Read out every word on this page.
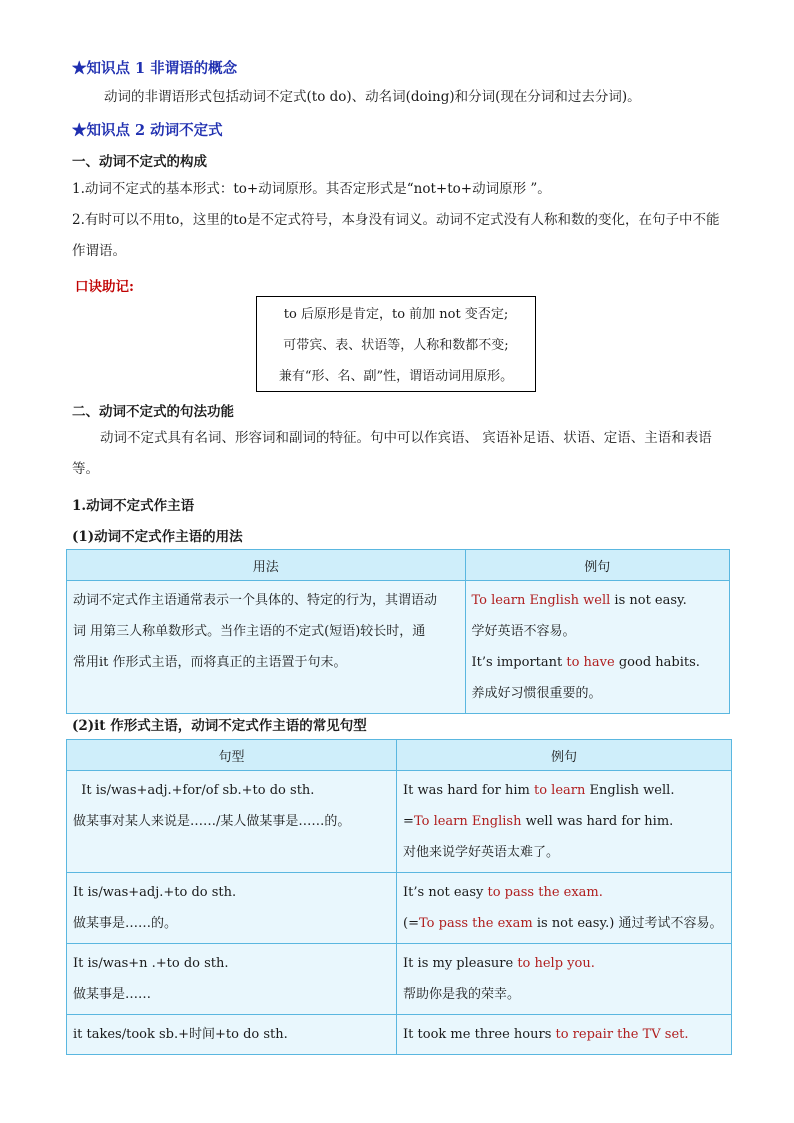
★知识点 1 非谓语的概念
动词的非谓语形式包括动词不定式(to do)、动名词(doing)和分词(现在分词和过去分词)。
★知识点 2 动词不定式
一、动词不定式的构成
1.动词不定式的基本形式：to+动词原形。其否定形式是“not+to+动词原形 ”。
2.有时可以不用to，这里的to是不定式符号，本身没有词义。动词不定式没有人称和数的变化，在句子中不能作谓语。
口诀助记:
to 后原形是肯定，to 前加 not 变否定;
可带宾、表、状语等，人称和数都不变;
兼有“形、名、副”性，谓语动词用原形。
二、动词不定式的句法功能
动词不定式具有名词、形容词和副词的特征。句中可以作宾语、 宾语补足语、状语、定语、主语和表语等。
1.动词不定式作主语
(1)动词不定式作主语的用法
用法	例句

动词不定式作主语通常表示一个具体的、特定的行为，其谓语动
词 用第三人称单数形式。当作主语的不定式(短语)较长时，通
常用it 作形式主语，而将真正的主语置于句末。	To learn English well is not easy.
学好英语不容易。
It’s important to have good habits.
养成好习惯很重要的。
(2)it 作形式主语，动词不定式作主语的常见句型
句型	例句

It is/was+adj.+for/of sb.+to do sth.
做某事对某人来说是……/某人做某事是……的。	It was hard for him to learn English well.
=To learn English well was hard for him.
对他来说学好英语太难了。

It is/was+adj.+to do sth.
做某事是……的。	It’s not easy to pass the exam.
(=To pass the exam is not easy.) 通过考试不容易。

It is/was+n .+to do sth.
做某事是……	It is my pleasure to help you.
帮助你是我的荣幸。

it takes/took sb.+时间+to do sth.	It took me three hours to repair the TV set.
